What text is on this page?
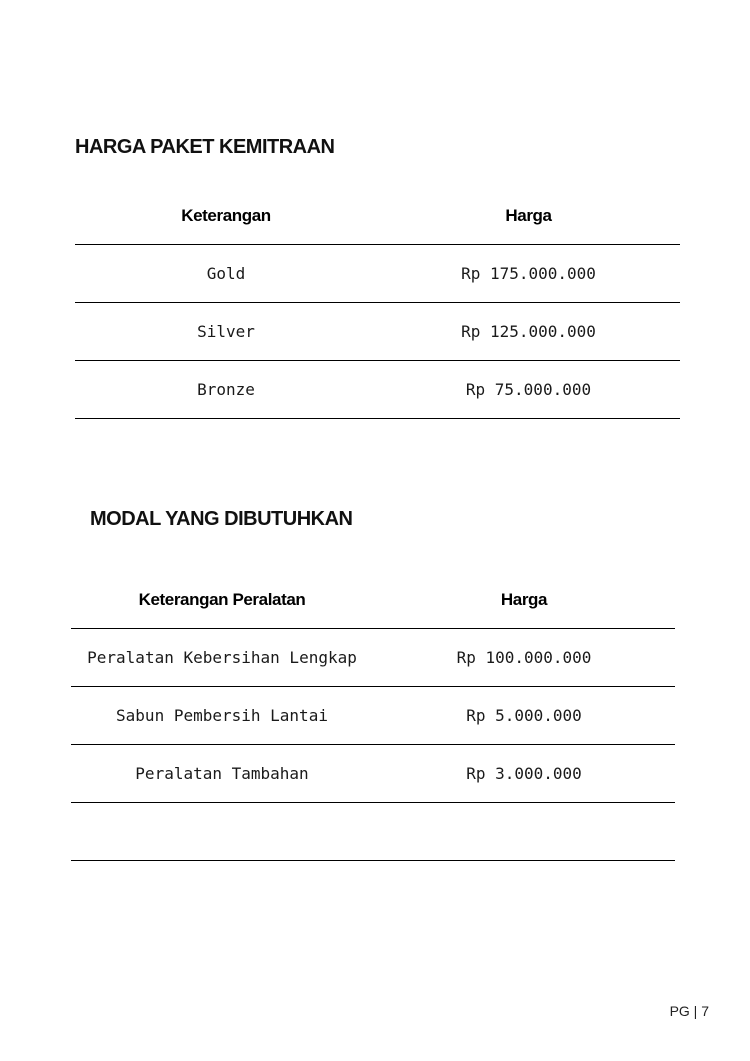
HARGA PAKET KEMITRAAN
Keterangan	Harga
Gold	Rp 175.000.000
Silver	Rp 125.000.000
Bronze	Rp 75.000.000
MODAL YANG DIBUTUHKAN
Keterangan Peralatan	Harga
Peralatan Kebersihan Lengkap	Rp 100.000.000
Sabun Pembersih Lantai	Rp 5.000.000
Peralatan Tambahan	Rp 3.000.000

PG | 7
